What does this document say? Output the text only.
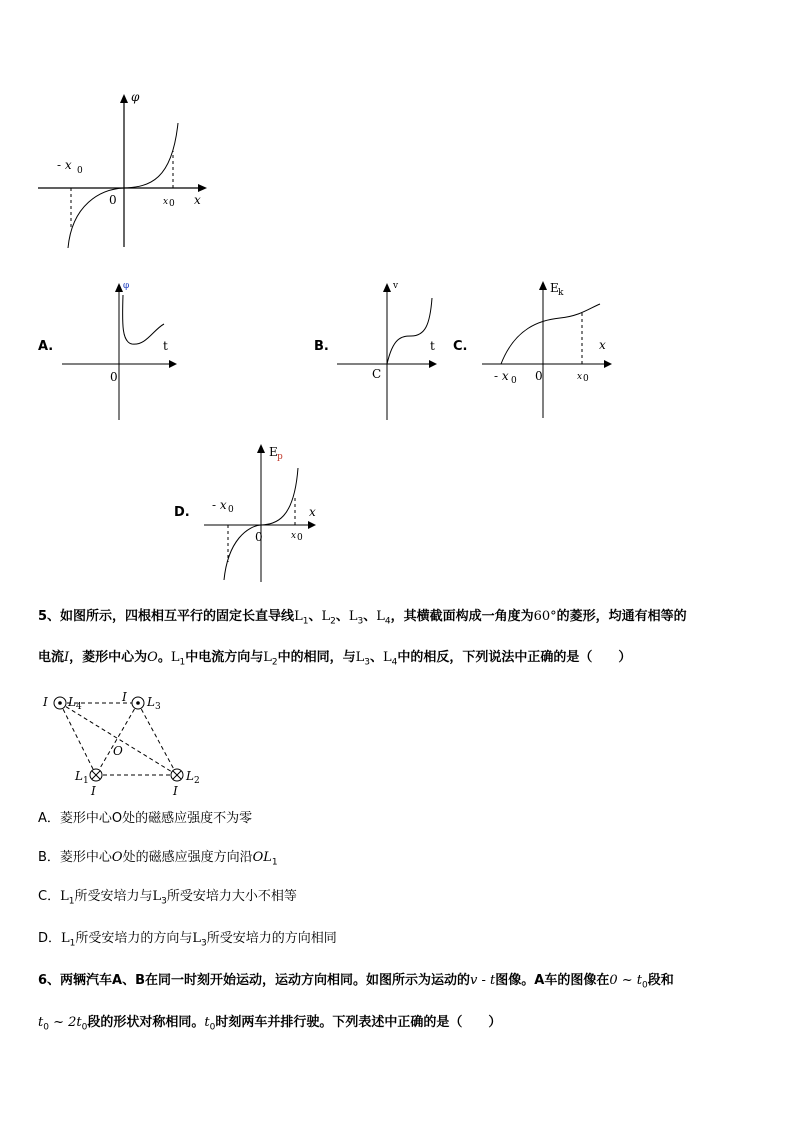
φ
x
0
- x 0
x 0
A.
φ
t
0
B.
v
t
C
C.
E k
x
0
- x 0	x 0
D.
E p
x
0
- x 0
x 0
5、如图所示，四根相互平行的固定长直导线$L_1$、$L_2$、$L_3$、$L_4$，其横截面构成一角度为60°的菱形，均通有相等的
电流I，菱形中心为O。$L_1$中电流方向与$L_2$中的相同，与$L_3$、$L_4$中的相反，下列说法中正确的是（　　）
I L 4
I L 3
O
L 1
I
L 2
I
A．菱形中心O处的磁感应强度不为零
B．菱形中心O处的磁感应强度方向沿$OL_1$
C．$L_1$所受安培力与$L_3$所受安培力大小不相等
D．$L_1$所受安培力的方向与$L_3$所受安培力的方向相同
6、两辆汽车A、B在同一时刻开始运动，运动方向相同。如图所示为运动的v - t图像。A车的图像在0 ~ $t_0$段和
$t_0$ ~ $2t_0$段的形状对称相同。$t_0$时刻两车并排行驶。下列表述中正确的是（　　）
